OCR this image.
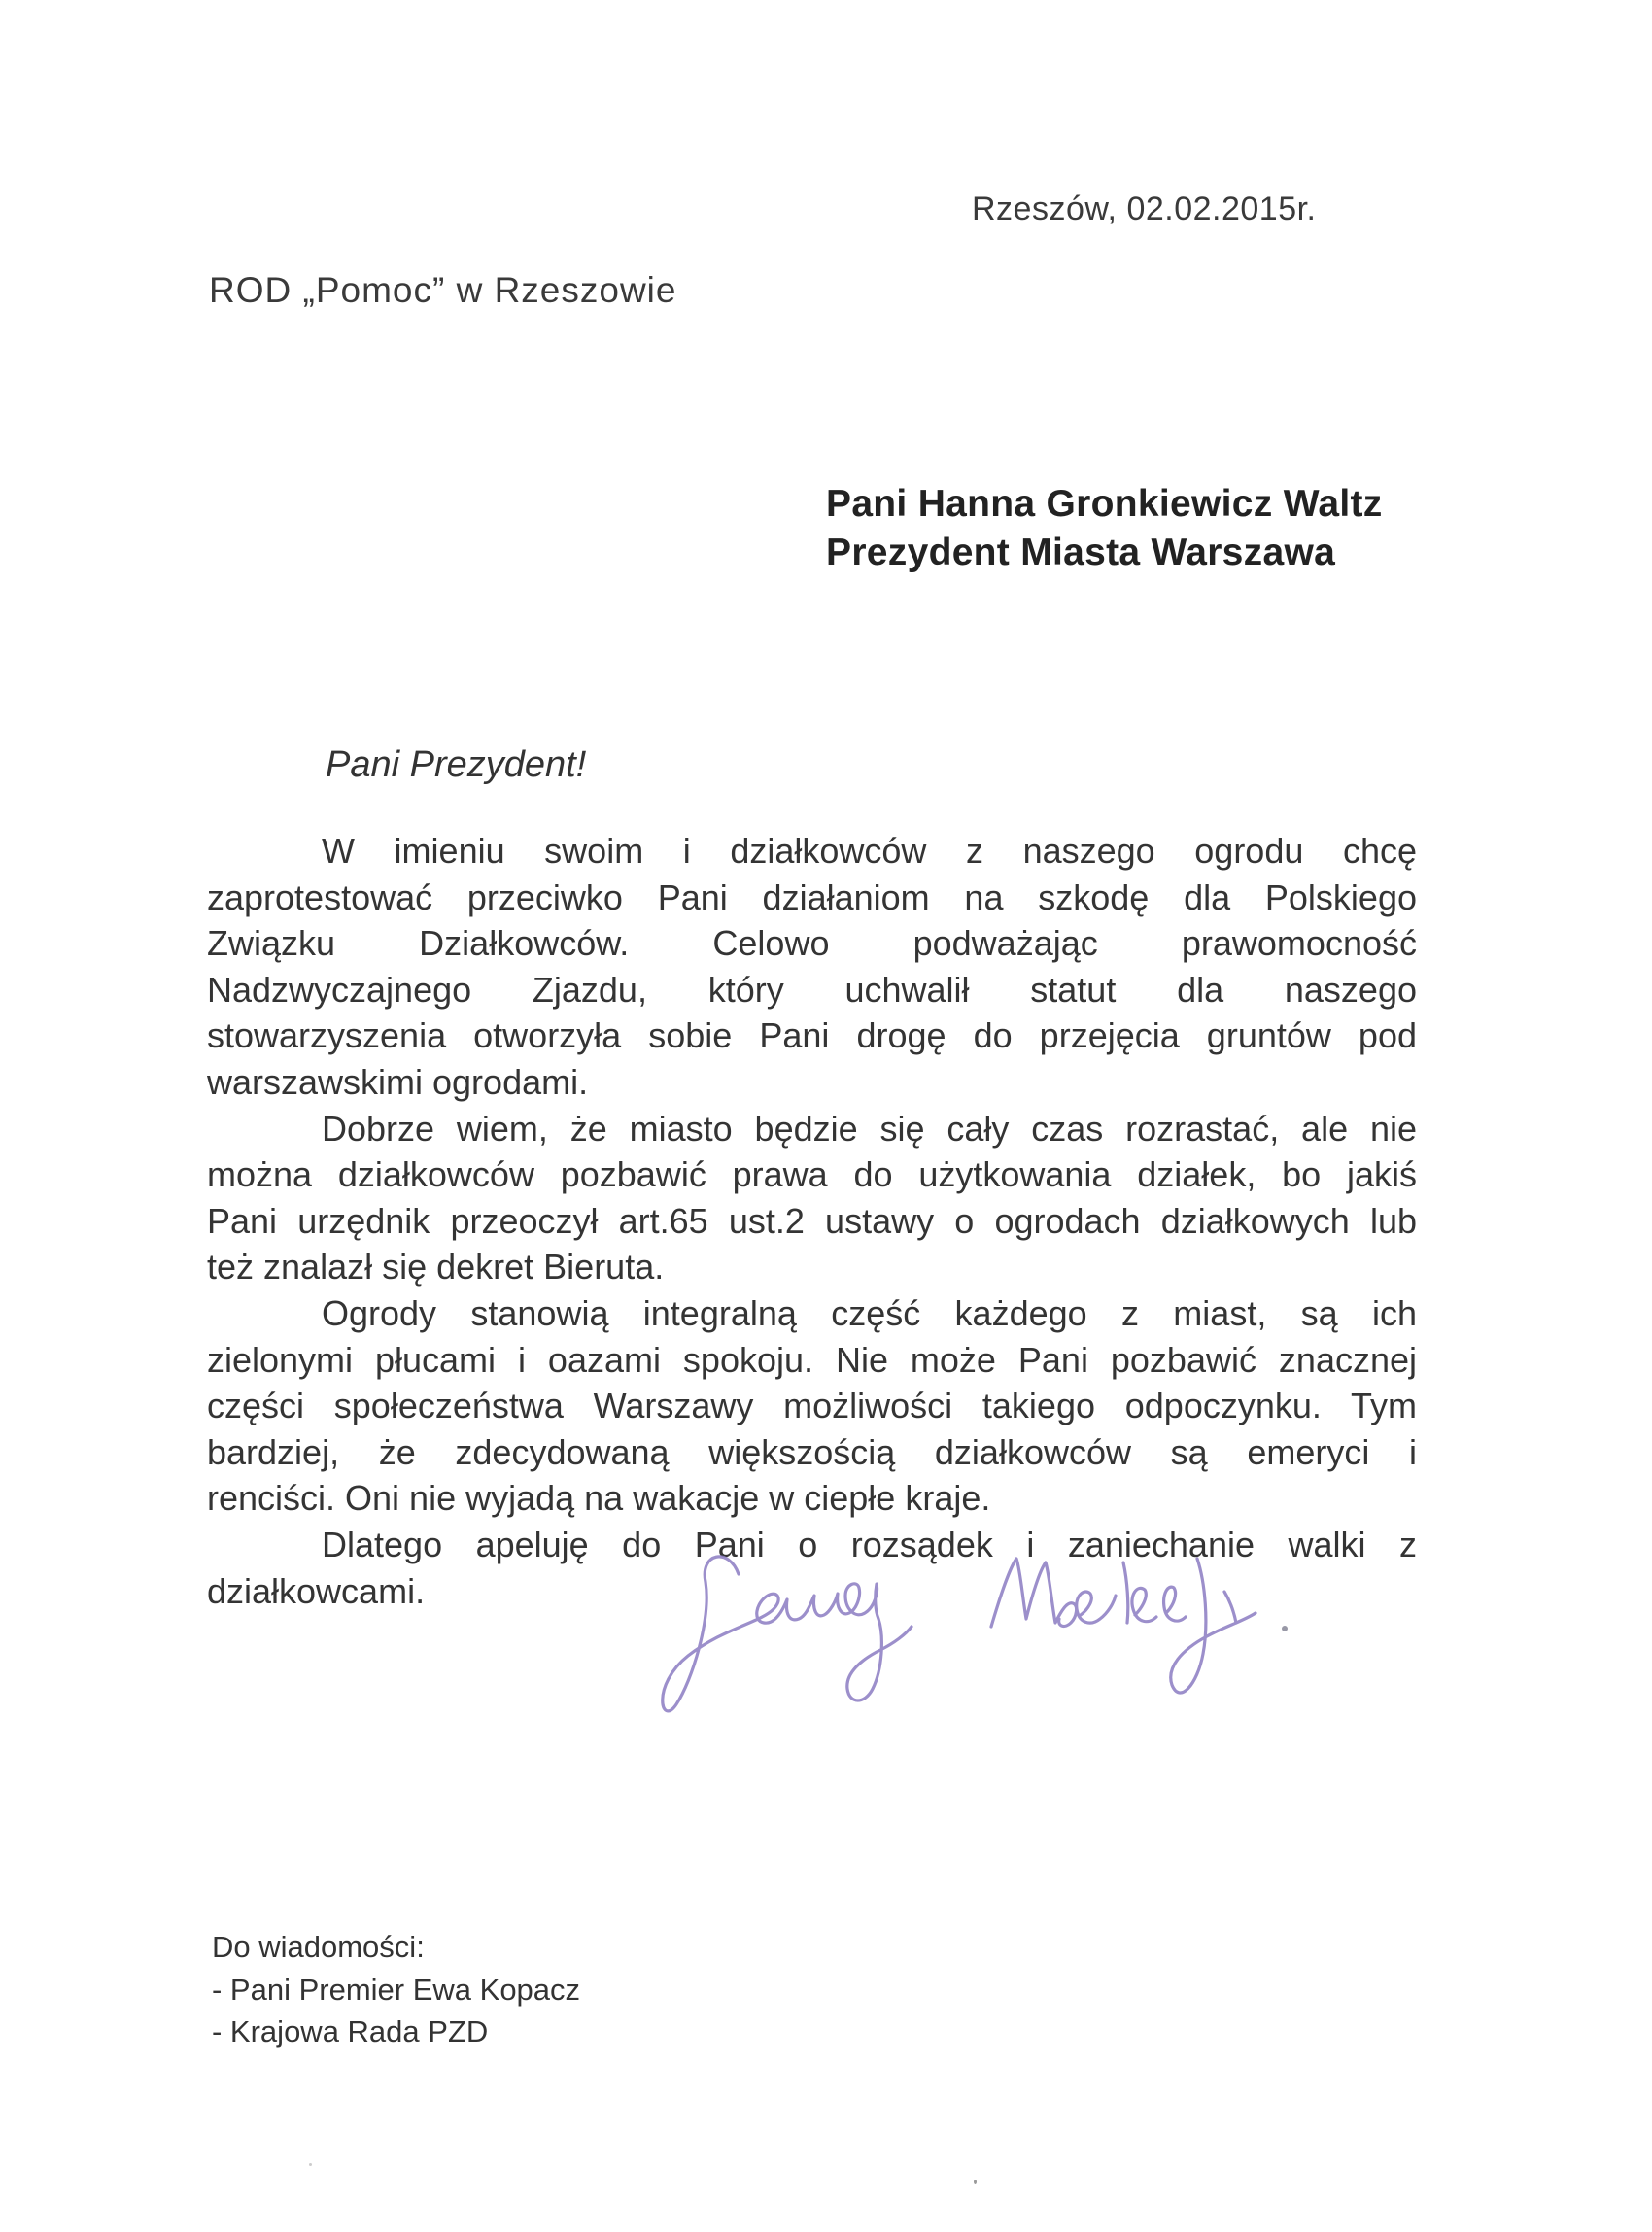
Rzeszów, 02.02.2015r.
ROD „Pomoc” w Rzeszowie
Pani Hanna Gronkiewicz Waltz
Prezydent Miasta Warszawa
Pani Prezydent!
W imieniu swoim i działkowców z naszego ogrodu chcę
zaprotestować przeciwko Pani działaniom na szkodę dla Polskiego
Związku Działkowców. Celowo podważając prawomocność
Nadzwyczajnego Zjazdu, który uchwalił statut dla naszego
stowarzyszenia otworzyła sobie Pani drogę do przejęcia gruntów pod
warszawskimi ogrodami.
Dobrze wiem, że miasto będzie się cały czas rozrastać, ale nie
można działkowców pozbawić prawa do użytkowania działek, bo jakiś
Pani urzędnik przeoczył art.65 ust.2 ustawy o ogrodach działkowych lub
też znalazł się dekret Bieruta.
Ogrody stanowią integralną część każdego z miast, są ich
zielonymi płucami i oazami spokoju. Nie może Pani pozbawić znacznej
części społeczeństwa Warszawy możliwości takiego odpoczynku. Tym
bardziej, że zdecydowaną większością działkowców są emeryci i
renciści. Oni nie wyjadą na wakacje w ciepłe kraje.
Dlatego apeluję do Pani o rozsądek i zaniechanie walki z
działkowcami.
Do wiadomości:
- Pani Premier Ewa Kopacz
- Krajowa Rada PZD
